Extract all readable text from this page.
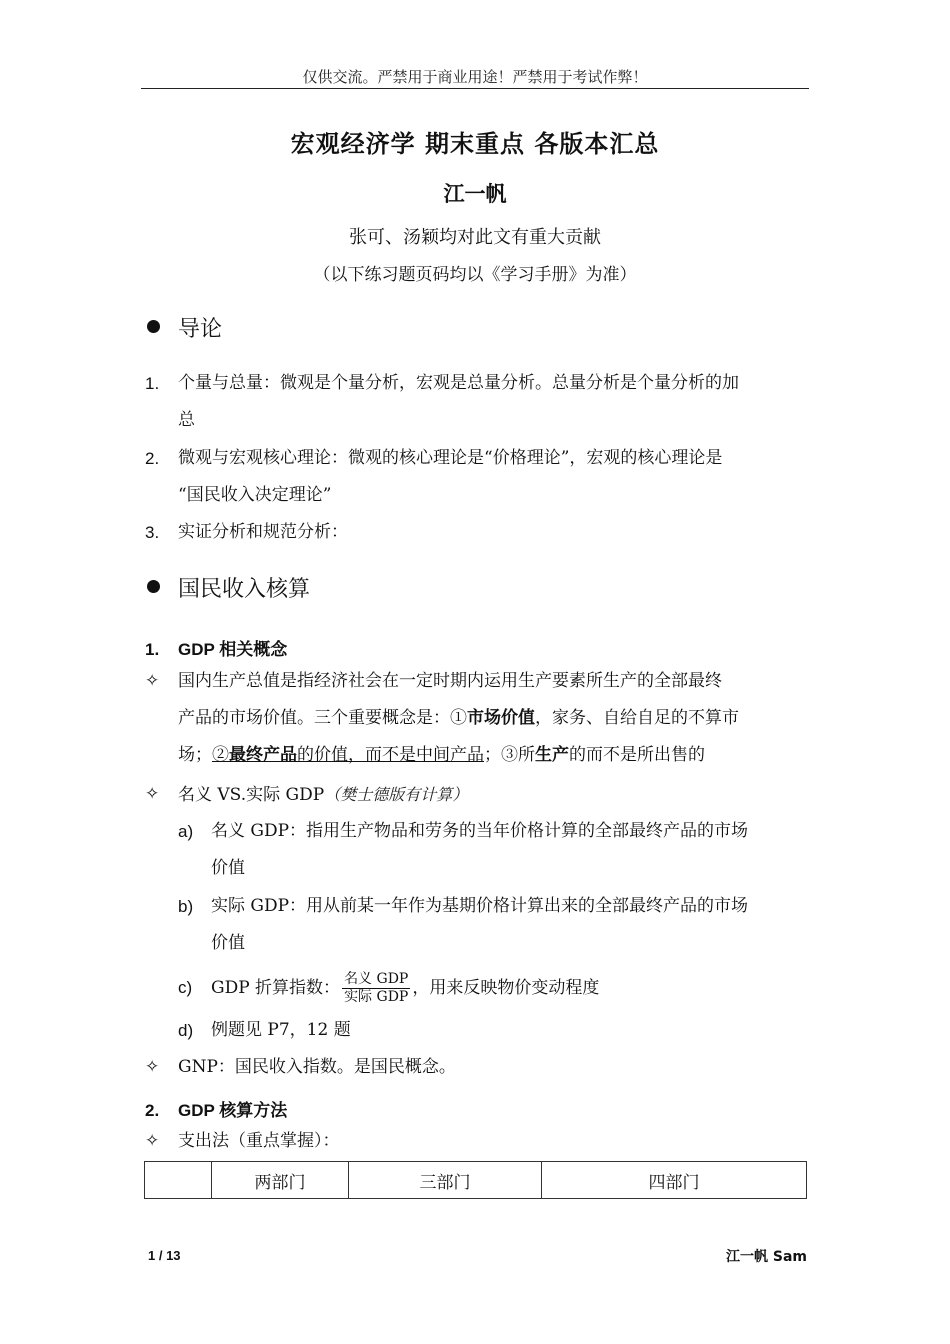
仅供交流。严禁用于商业用途！严禁用于考试作弊！
宏观经济学 期末重点 各版本汇总
江一帆
张可、汤颖均对此文有重大贡献
（以下练习题页码均以《学习手册》为准）
导论
1. 个量与总量：微观是个量分析，宏观是总量分析。总量分析是个量分析的加
总
2. 微观与宏观核心理论：微观的核心理论是“价格理论”，宏观的核心理论是
“国民收入决定理论”
3. 实证分析和规范分析：
国民收入核算
1. GDP 相关概念
✧ 国内生产总值是指经济社会在一定时期内运用生产要素所生产的全部最终
产品的市场价值。三个重要概念是：①市场价值，家务、自给自足的不算市
场；②最终产品的价值，而不是中间产品；③所生产的而不是所出售的
✧ 名义 VS.实际 GDP（樊士德版有计算）
a) 名义 GDP：指用生产物品和劳务的当年价格计算的全部最终产品的市场
价值
b) 实际 GDP：用从前某一年作为基期价格计算出来的全部最终产品的市场
价值
c) GDP 折算指数： $\frac{\text{名义 GDP}}{\text{实际 GDP}}$ ，用来反映物价变动程度
d) 例题见 P7，12 题
✧ GNP：国民收入指数。是国民概念。
2. GDP 核算方法
✧ 支出法（重点掌握）：
	两部门	三部门	四部门
1 / 13	江一帆 Sam
